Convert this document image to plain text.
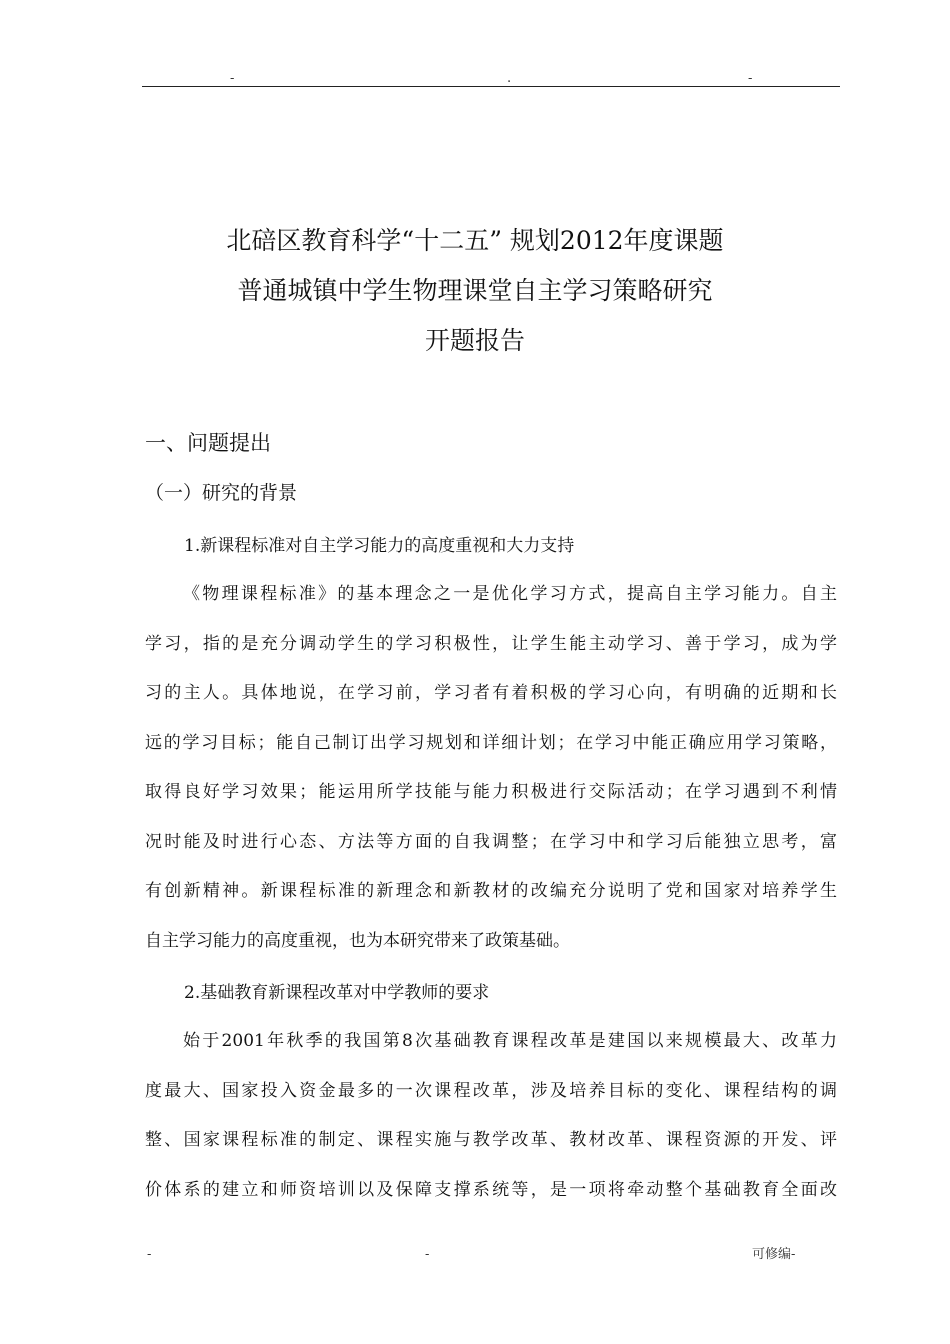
-	.	-
北碚区教育科学“十二五” 规划2012年度课题
普通城镇中学生物理课堂自主学习策略研究
开题报告
一、问题提出
（一）研究的背景
1.新课程标准对自主学习能力的高度重视和大力支持
《物理课程标准》的基本理念之一是优化学习方式，提高自主学习能力。自主
学习，指的是充分调动学生的学习积极性，让学生能主动学习、善于学习，成为学
习的主人。具体地说，在学习前，学习者有着积极的学习心向，有明确的近期和长
远的学习目标；能自己制订出学习规划和详细计划；在学习中能正确应用学习策略，
取得良好学习效果；能运用所学技能与能力积极进行交际活动；在学习遇到不利情
况时能及时进行心态、方法等方面的自我调整；在学习中和学习后能独立思考，富
有创新精神。新课程标准的新理念和新教材的改编充分说明了党和国家对培养学生
自主学习能力的高度重视，也为本研究带来了政策基础。
2.基础教育新课程改革对中学教师的要求
始于2001年秋季的我国第8次基础教育课程改革是建国以来规模最大、改革力
度最大、国家投入资金最多的一次课程改革，涉及培养目标的变化、课程结构的调
整、国家课程标准的制定、课程实施与教学改革、教材改革、课程资源的开发、评
价体系的建立和师资培训以及保障支撑系统等，是一项将牵动整个基础教育全面改
-	-	可修编-
